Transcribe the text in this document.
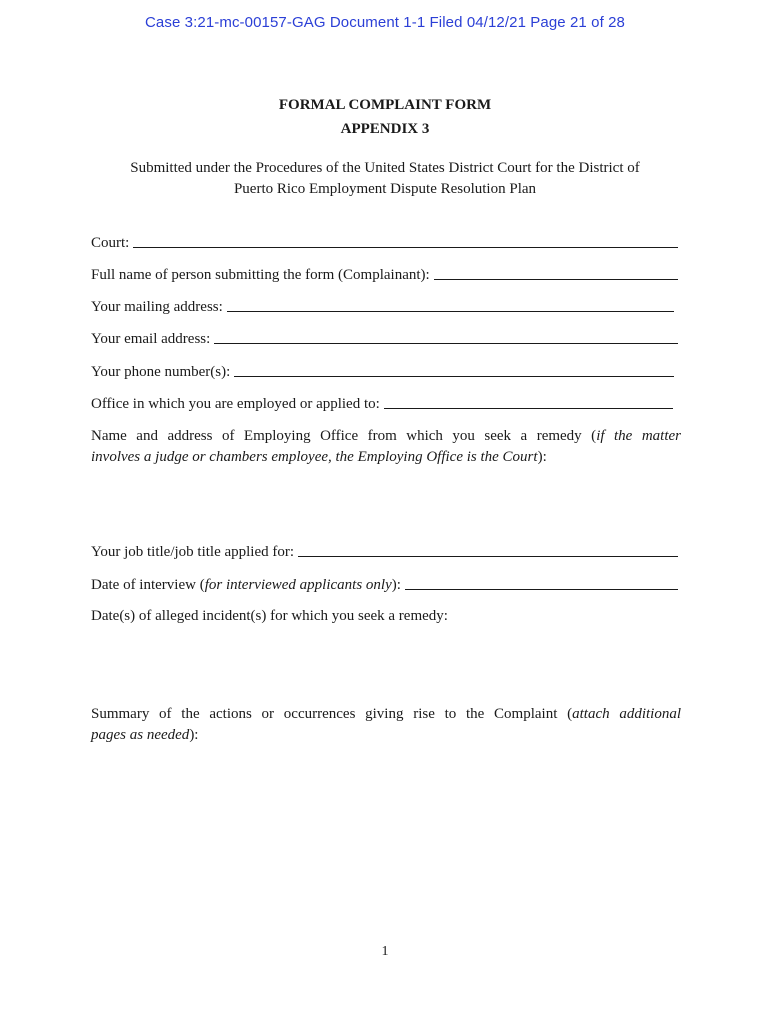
Case 3:21-mc-00157-GAG Document 1-1 Filed 04/12/21 Page 21 of 28
FORMAL COMPLAINT FORM
APPENDIX 3
Submitted under the Procedures of the United States District Court for the District of
Puerto Rico Employment Dispute Resolution Plan
Court:
Full name of person submitting the form (Complainant):
Your mailing address:
Your email address:
Your phone number(s):
Office in which you are employed or applied to:
Name and address of Employing Office from which you seek a remedy (if the matter
involves a judge or chambers employee, the Employing Office is the Court):
Your job title/job title applied for:
Date of interview (for interviewed applicants only):
Date(s) of alleged incident(s) for which you seek a remedy:
Summary of the actions or occurrences giving rise to the Complaint (attach additional
pages as needed):
1
